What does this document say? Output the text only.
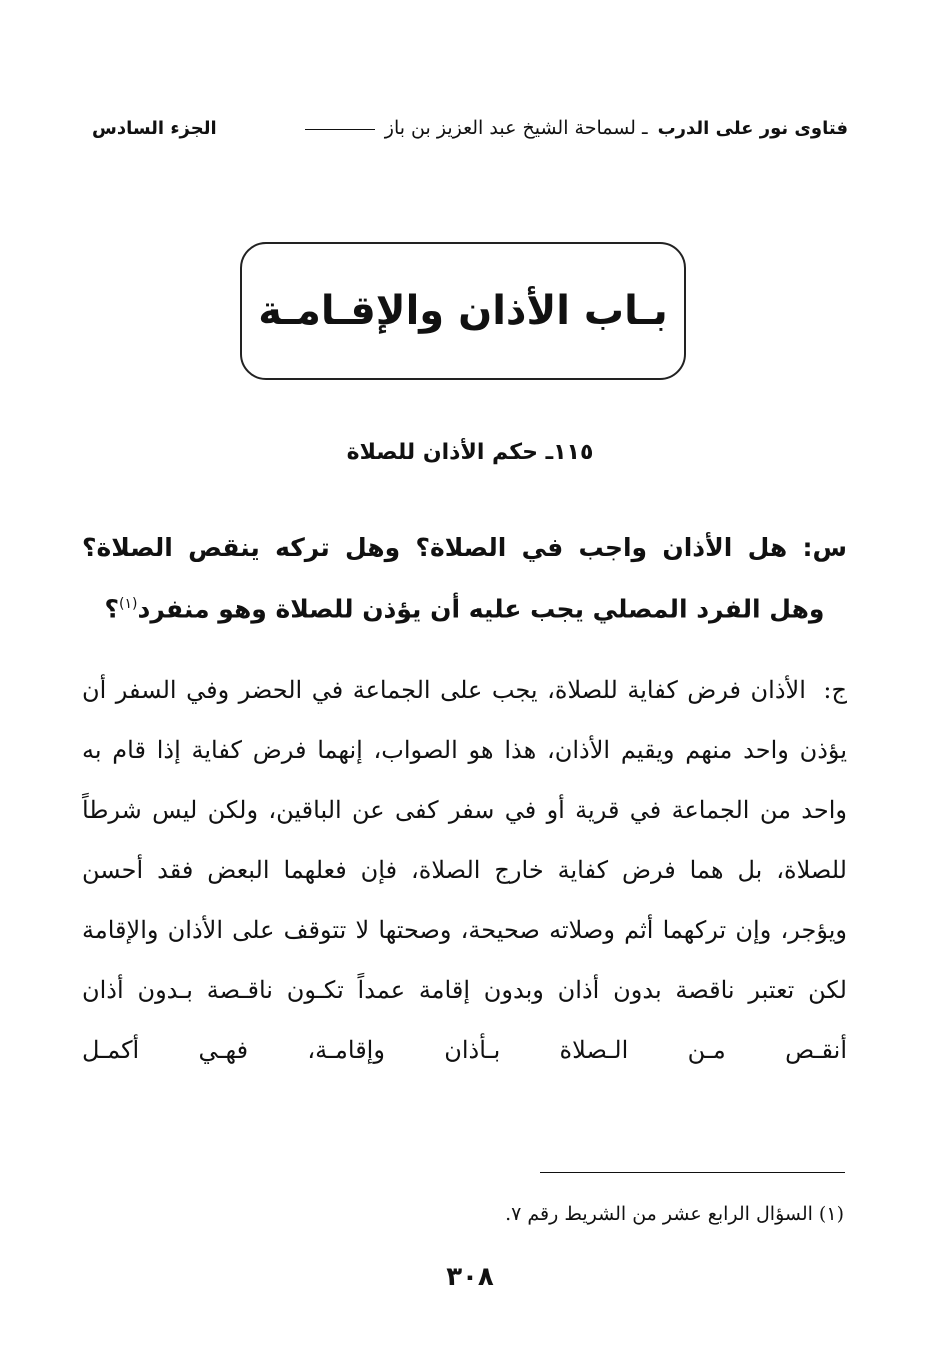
فتاوى نور على الدرب
ـ لسماحة الشيخ عبد العزيز بن باز
الجزء السادس
بـاب الأذان والإقـامـة
١١٥ـ حكم الأذان للصلاة
س: هل الأذان واجب في الصلاة؟ وهل تركه ينقص الصلاة؟ وهل الفرد المصلي يجب عليه أن يؤذن للصلاة وهو منفرد$^{(١)}$؟
ج: الأذان فرض كفاية للصلاة، يجب على الجماعة في الحضر وفي السفر أن يؤذن واحد منهم ويقيم الأذان، هذا هو الصواب، إنهما فرض كفاية إذا قام به واحد من الجماعة في قرية أو في سفر كفى عن الباقين، ولكن ليس شرطاً للصلاة، بل هما فرض كفاية خارج الصلاة، فإن فعلهما البعض فقد أحسن ويؤجر، وإن تركهما أثم وصلاته صحيحة، وصحتها لا تتوقف على الأذان والإقامة لكن تعتبر ناقصة بدون أذان وبدون إقامة عمداً تكـون ناقـصة بـدون أذان أنقـص مـن الـصلاة بـأذان وإقامـة، فهـي أكمـل
(١) السؤال الرابع عشر من الشريط رقم ٧.
٣٠٨
